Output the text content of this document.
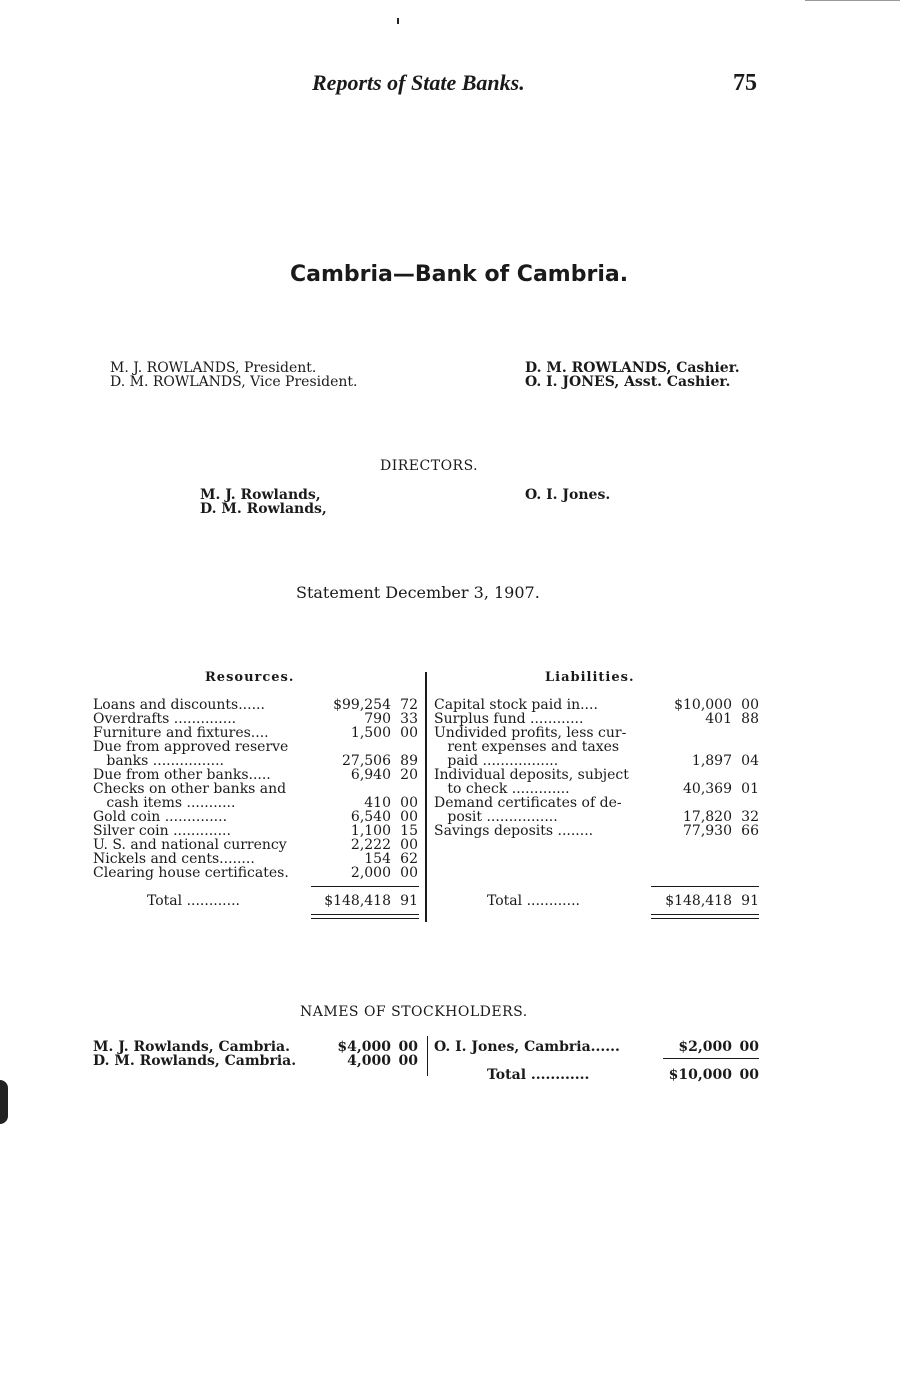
Reports of State Banks.	75
Cambria—Bank of Cambria.
M. J. ROWLANDS, President.
D. M. ROWLANDS, Vice President.
D. M. ROWLANDS, Cashier.
O. I. JONES, Asst. Cashier.
DIRECTORS.
M. J. Rowlands,
D. M. Rowlands,
O. I. Jones.
Statement December 3, 1907.
Resources.	Liabilities.
Loans and discounts......	$99,254 72
Overdrafts ..............	790 33
Furniture and fixtures....	1,500 00
Due from approved reserve
banks ................	27,506 89
Due from other banks.....	6,940 20
Checks on other banks and
cash items ...........	410 00
Gold coin ..............	6,540 00
Silver coin .............	1,100 15
U. S. and national currency	2,222 00
Nickels and cents........	154 62
Clearing house certificates.	2,000 00
Total ............	$148,418 91
Capital stock paid in....	$10,000 00
Surplus fund ............	401 88
Undivided profits, less cur-
rent expenses and taxes
paid .................	1,897 04
Individual deposits, subject
to check .............	40,369 01
Demand certificates of de-
posit ................	17,820 32
Savings deposits ........	77,930 66
Total ............	$148,418 91
NAMES OF STOCKHOLDERS.
M. J. Rowlands, Cambria.	$4,000 00
D. M. Rowlands, Cambria.	4,000 00
O. I. Jones, Cambria......	$2,000 00
Total ............	$10,000 00
